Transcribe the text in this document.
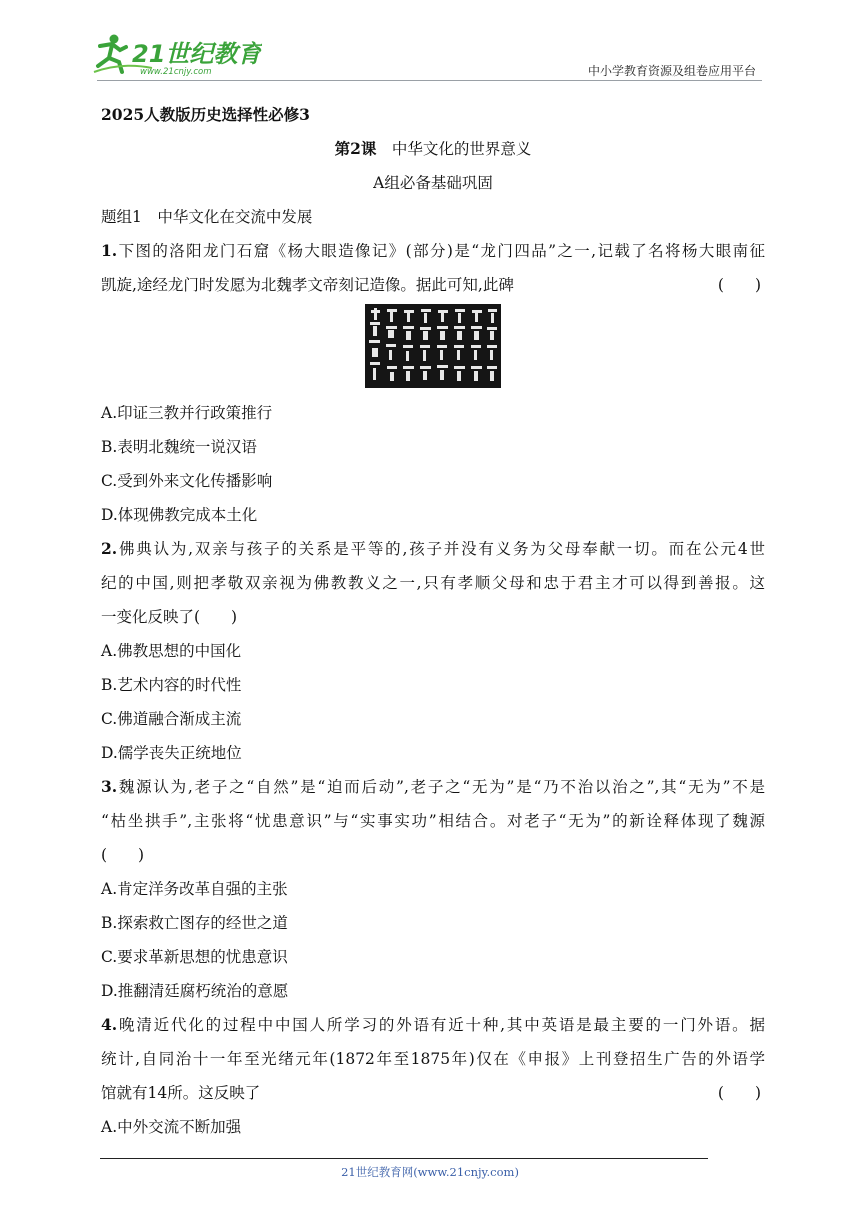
21世纪教育
www.21cnjy.com	中小学教育资源及组卷应用平台
2025人教版历史选择性必修3
第2课　 中华文化的世界意义
A组必备基础巩固
题组1　中华文化在交流中发展
1.下图的洛阳龙门石窟《杨大眼造像记》(部分)是“龙门四品”之一,记载了名将杨大眼南征
凯旋,途经龙门时发愿为北魏孝文帝刻记造像。据此可知,此碑	(　　)
A.印证三教并行政策推行
B.表明北魏统一说汉语
C.受到外来文化传播影响
D.体现佛教完成本土化
2.佛典认为,双亲与孩子的关系是平等的,孩子并没有义务为父母奉献一切。而在公元4世
纪的中国,则把孝敬双亲视为佛教教义之一,只有孝顺父母和忠于君主才可以得到善报。这
一变化反映了(　　)
A.佛教思想的中国化
B.艺术内容的时代性
C.佛道融合渐成主流
D.儒学丧失正统地位
3.魏源认为,老子之“自然”是“迫而后动”,老子之“无为”是“乃不治以治之”,其“无为”不是
“枯坐拱手”,主张将“忧患意识”与“实事实功”相结合。对老子“无为”的新诠释体现了魏源
(　　)
A.肯定洋务改革自强的主张
B.探索救亡图存的经世之道
C.要求革新思想的忧患意识
D.推翻清廷腐朽统治的意愿
4.晚清近代化的过程中中国人所学习的外语有近十种,其中英语是最主要的一门外语。据
统计,自同治十一年至光绪元年(1872年至1875年)仅在《申报》上刊登招生广告的外语学
馆就有14所。这反映了	(　　)
A.中外交流不断加强
21世纪教育网(www.21cnjy.com)
